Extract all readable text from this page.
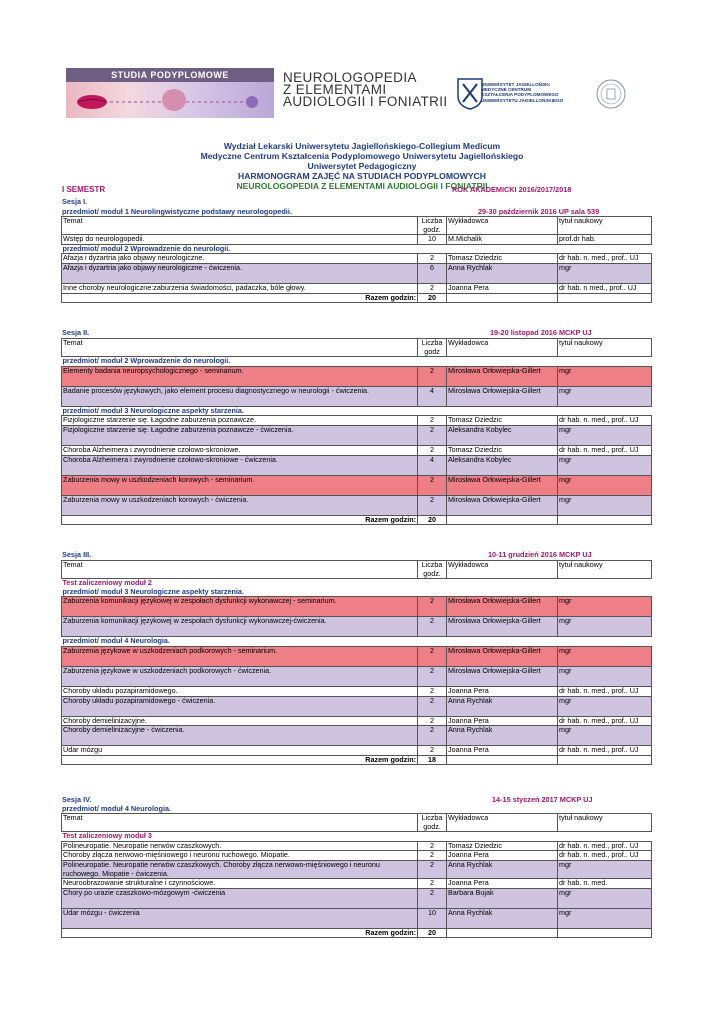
STUDIA PODYPLOMOWE	NEUROLOGOPEDIA
Z ELEMENTAMI
AUDIOLOGII I FONIATRII
UNIWERSYTET JAGIELLOŃSKI
MEDYCZNE CENTRUM
KSZTAŁCENIA PODYPLOMOWEGO
UNIWERSYTETU JAGIELLOŃSKIEGO
Wydział Lekarski Uniwersytetu Jagiellońskiego-Collegium Medicum
Medyczne Centrum Kształcenia Podyplomowego Uniwersytetu Jagiellońskiego
Uniwersytet Pedagogiczny
HARMONOGRAM ZAJĘĆ NA STUDIACH PODYPLOMOWYCH
NEUROLOGOPEDIA Z ELEMENTAMI AUDIOLOGII I FONIATRII
I SEMESTR	ROK AKADEMICKI 2016/2017/2018
Sesja I.
przedmiot/ moduł 1 Neurolingwistyczne podstawy neurologopedii.	29-30 październik 2016 UP sala 539
Temat	Liczba
godz.	Wykładowca	tytuł naukowy
Wstęp do neurologopedii.	10	M.Michalik	prof.dr hab.
przedmiot/ moduł 2 Wprowadzenie do neurologii.			
Afazja i dyzartria jako objawy neurologiczne.	2	Tomasz Dziedzic	dr hab. n. med., prof.. UJ
Afazja i dyzartria jako objawy neurologiczne - ćwiczenia.	6	Anna Rychlak	mgr
Inne choroby neurologiczne:zaburzenia świadomości, padaczka, bóle głowy.	2	Joanna Pera	dr hab. n med., prof.. UJ
Razem godzin:	20		
Sesja II.	19-20 listopad 2016 MCKP UJ
Temat	Liczba
godz	Wykładowca	tytuł naukowy
przedmiot/ moduł 2 Wprowadzenie do neurologii.			
Elementy badania neuropsychologicznego - seminarium.	2	Mirosława Orłowiejska-Gillert	mgr
Badanie procesów językowych, jako element procesu diagnostycznego w neurologii - ćwiczenia.	4	Mirosława Orłowiejska-Gillert	mgr
przedmiot/ moduł 3 Neurologiczne aspekty starzenia.			
Fizjologiczne starzenie się. Łagodne zaburzenia poznawcze.	2	Tomasz Dziedzic	dr hab. n. med., prof.. UJ
Fizjologiczne starzenie się. Łagodne zaburzenia poznawcze - ćwiczenia.	2	Aleksandra Kobylec	mgr
Choroba Alzheimera i zwyrodnienie czołowo-skroniowe.	2	Tomasz Dziedzic	dr hab. n. med., prof.. UJ
Choroba Alzheimera i zwyrodnienie czołowo-skroniowe - ćwiczenia.	4	Aleksandra Kobylec	mgr
Zaburzenia mowy w uszkodzeniach korowych - seminarium.	2	Mirosława Orłowiejska-Gillert	mgr
Zaburzenia mowy w uszkodzeniach korowych - ćwiczenia.	2	Mirosława Orłowiejska-Gillert	mgr
Razem godzin:	20		
Sesja III.	10-11 grudzień 2016 MCKP UJ
Temat	Liczba
godz.	Wykładowca	tytuł naukowy
Test zaliczeniowy moduł 2			
przedmiot/ moduł 3 Neurologiczne aspekty starzenia.			
Zaburzenia komunikacji językowej w zespołach dysfunkcji wykonawczej - seminarium.	2	Mirosława Orłowiejska-Gillert	mgr
Zaburzenia komunikacji językowej w zespołach dysfunkcji wykonawczej-ćwiczenia.	2	Mirosława Orłowiejska-Gillert	mgr
przedmiot/ moduł 4 Neurologia.			
Zaburzenia językowe w uszkodzeniach podkorowych - seminarium.	2	Mirosława Orłowiejska-Gillert	mgr
Zaburzenia językowe w uszkodzeniach podkorowych - ćwiczenia.	2	Mirosława Orłowiejska-Gillert	mgr
Choroby układu pozapiramidowego.	2	Joanna Pera	dr hab. n. med., prof.. UJ
Choroby układu pozapiramidowego - ćwiczenia.	2	Anna Rychlak	mgr
Choroby demielinizacyjne.	2	Joanna Pera	dr hab. n. med., prof.. UJ
Choroby demielinizacyjne - ćwiczenia.	2	Anna Rychlak	mgr
Udar mózgu	2	Joanna Pera	dr hab. n. med., prof.. UJ
Razem godzin:	18		
Sesja IV.
przedmiot/ moduł 4 Neurologia.
14-15 styczeń 2017 MCKP UJ
Temat	Liczba
godz.	Wykładowca	tytuł naukowy
Test zaliczeniowy moduł 3			
Polineuropatie. Neuropatie nerwów czaszkowych.	2	Tomasz Dziedzic	dr hab. n. med., prof.. UJ
Choroby złącza nerwowo-mięśniowego i neuronu ruchowego. Miopatie.	2	Joanna Pera	dr hab. n. med., prof.. UJ
Polineuropatie. Neuropatie nerwów czaszkowych. Choroby złącza nerwowo-mięśniowego i neuronu
ruchowego. Miopatie - ćwiczenia.	2	Anna Rychlak	mgr
Neuroobrazowanie strukturalne i czynnościowe.	2	Joanna Pera	dr hab. n. med.
Chory po urazie czaszkowo-mózgowym -ćwiczenia	2	Barbara Bujak	mgr
Udar mózgu - ćwiczenia	10	Anna Rychlak	mgr
Razem godzin:	20		
